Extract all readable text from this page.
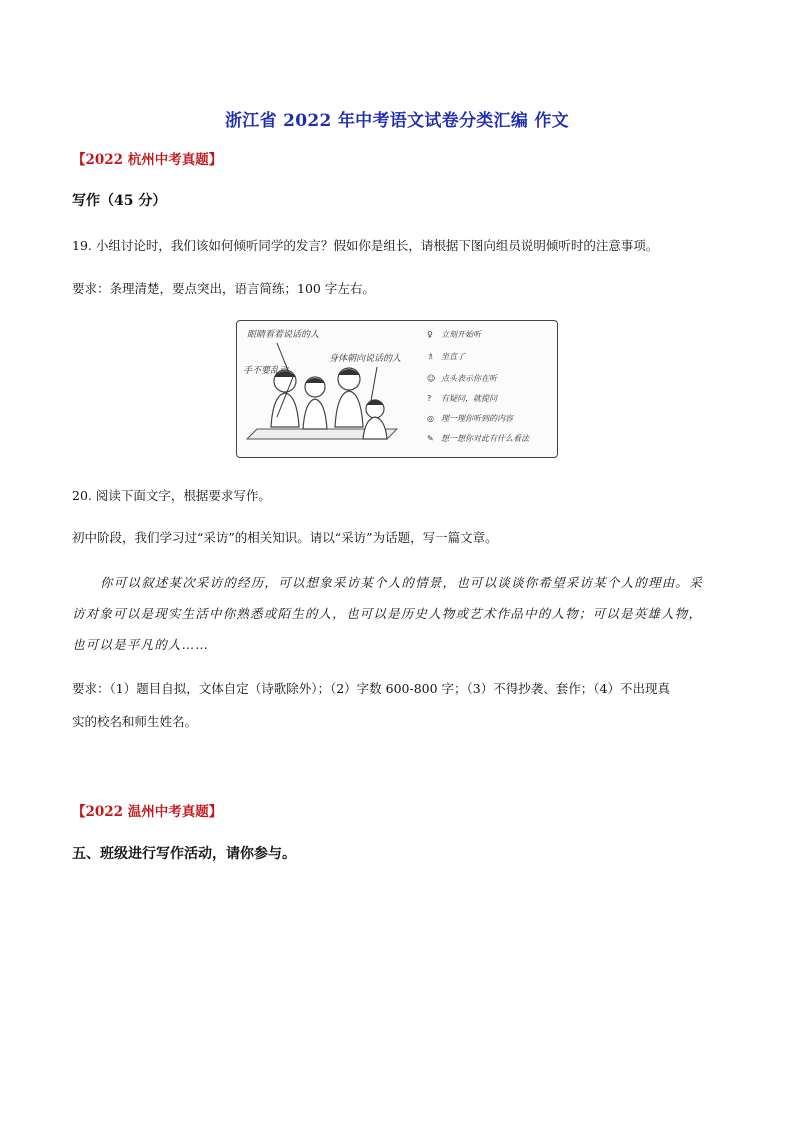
浙江省 2022 年中考语文试卷分类汇编 作文
【2022 杭州中考真题】
写作（45 分）
19. 小组讨论时，我们该如何倾听同学的发言？假如你是组长，请根据下图向组员说明倾听时的注意事项。
要求：条理清楚，要点突出，语言简练；100 字左右。
眼睛看着说话的人
身体朝向说话的人
手不要乱动
♀ 立刻开始听
♗ 坐直了
☺ 点头表示你在听
? 有疑问，就提问
◎ 理一理你听到的内容
✎ 想一想你对此有什么看法
20. 阅读下面文字，根据要求写作。
初中阶段，我们学习过“采访”的相关知识。请以“采访”为话题，写一篇文章。
你可以叙述某次采访的经历，可以想象采访某个人的情景，也可以谈谈你希望采访某个人的理由。采
访对象可以是现实生活中你熟悉或陌生的人，也可以是历史人物或艺术作品中的人物；可以是英雄人物，
也可以是平凡的人……
要求：（1）题目自拟，文体自定（诗歌除外）；（2）字数 600-800 字；（3）不得抄袭、套作；（4）不出现真
实的校名和师生姓名。
【2022 温州中考真题】
五、班级进行写作活动，请你参与。
